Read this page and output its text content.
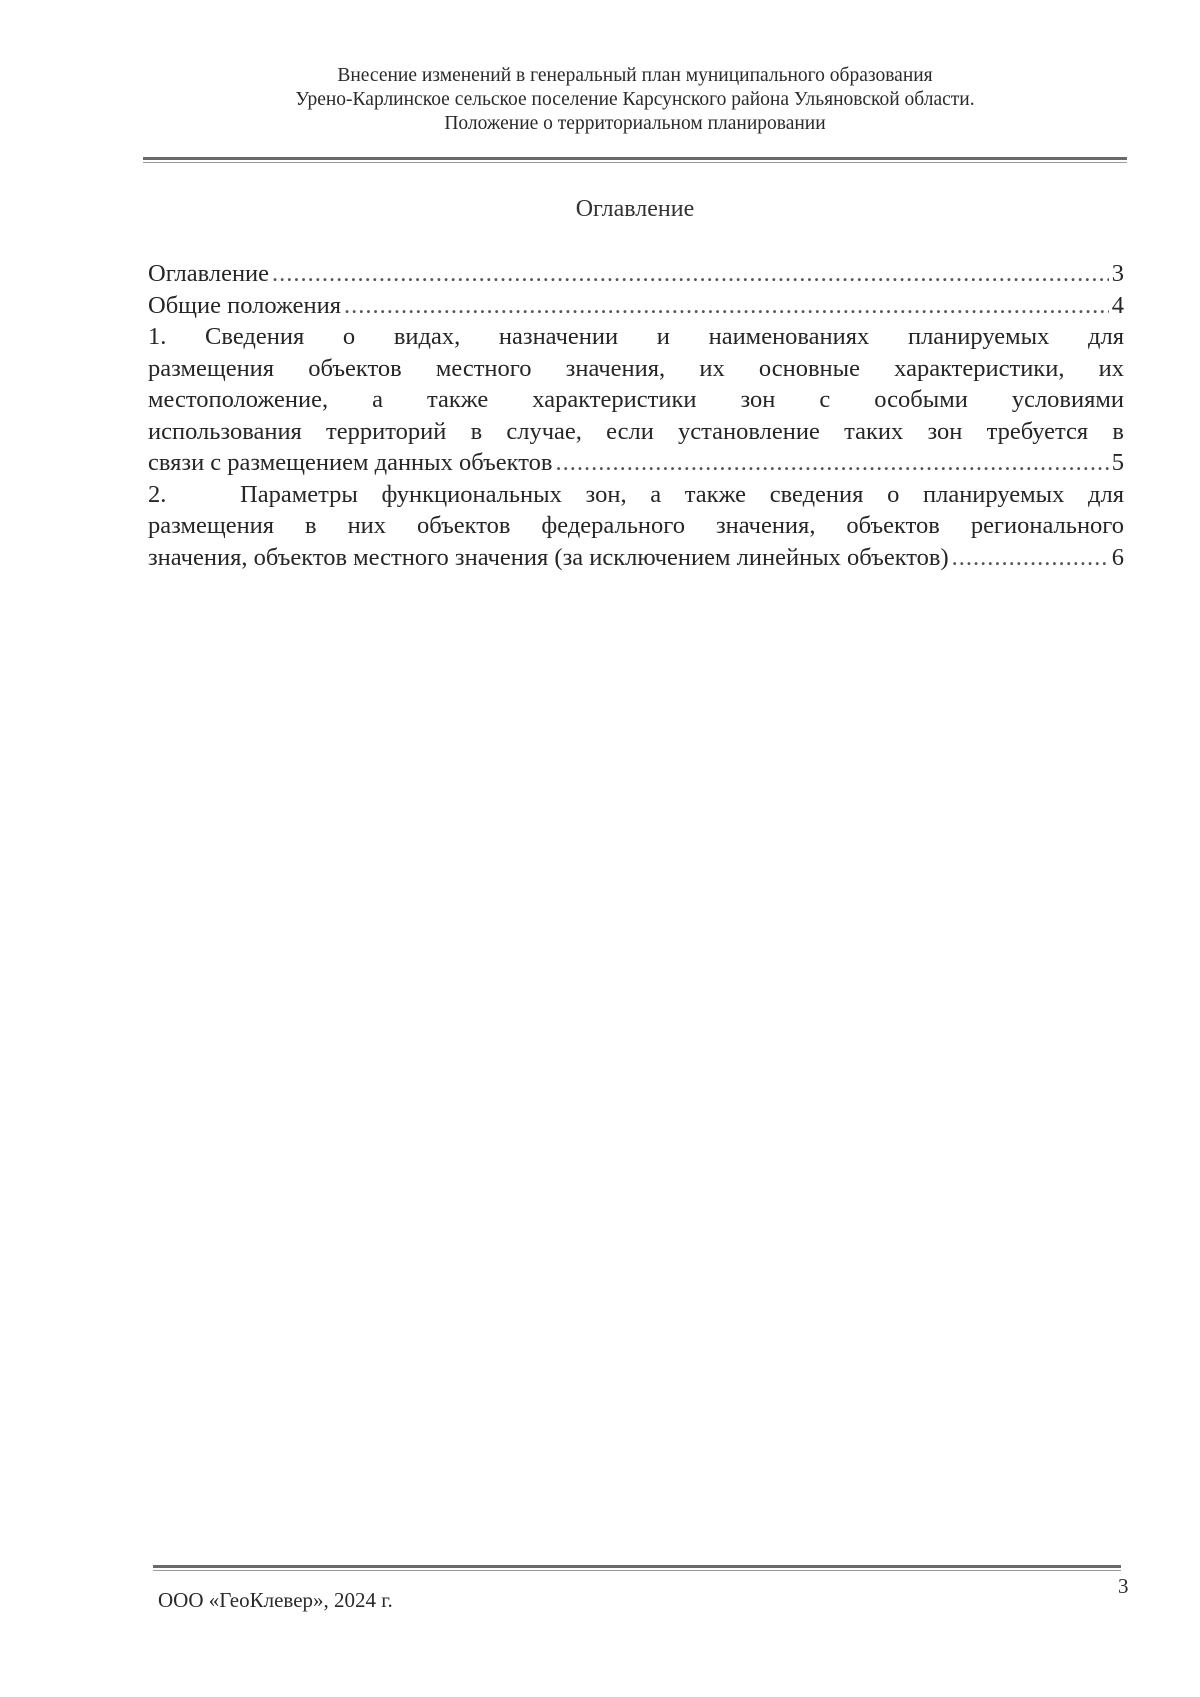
Внесение изменений в генеральный план муниципального образования
Урено-Карлинское сельское поселение Карсунского района Ульяновской области.
Положение о территориальном планировании
Оглавление
Оглавление .....	3
Общие положения .....	4
1. Сведения о видах, назначении и наименованиях планируемых для
размещения объектов местного значения, их основные характеристики, их
местоположение, а также характеристики зон с особыми условиями
использования территорий в случае, если установление таких зон требуется в
связи с размещением данных объектов .....	5
2.	Параметры функциональных зон, а также сведения о планируемых для
размещения в них объектов федерального значения, объектов регионального
значения, объектов местного значения (за исключением линейных объектов) .....	6
ООО «ГеоКлевер», 2024 г.
3
